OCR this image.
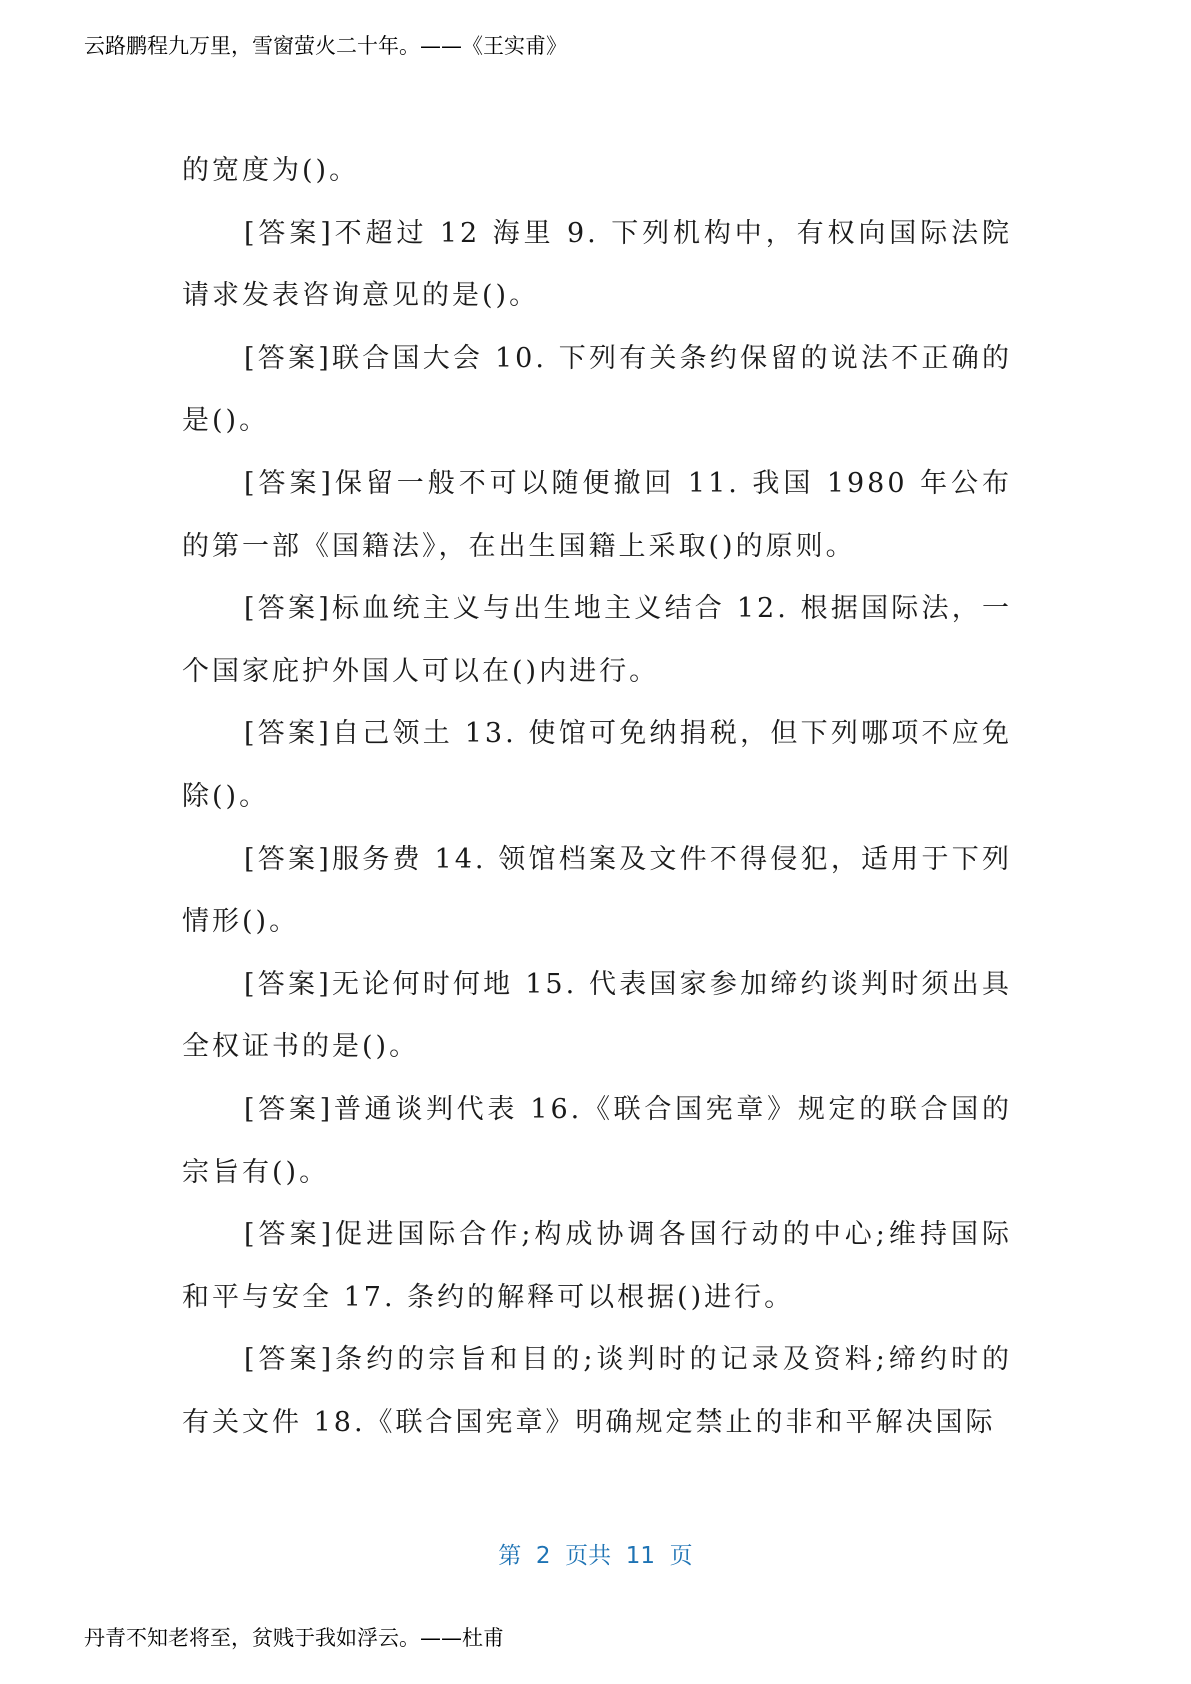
云路鹏程九万里，雪窗萤火二十年。——《王实甫》

的宽度为()。

[答案]不超过 12 海里 9. 下列机构中，有权向国际法院请求发表咨询意见的是()。

[答案]联合国大会 10. 下列有关条约保留的说法不正确的是()。

[答案]保留一般不可以随便撤回 11. 我国 1980 年公布的第一部《国籍法》，在出生国籍上采取()的原则。

[答案]标血统主义与出生地主义结合 12. 根据国际法，一个国家庇护外国人可以在()内进行。

[答案]自己领土 13. 使馆可免纳捐税，但下列哪项不应免除()。

[答案]服务费 14. 领馆档案及文件不得侵犯，适用于下列情形()。

[答案]无论何时何地 15. 代表国家参加缔约谈判时须出具全权证书的是()。

[答案]普通谈判代表 16.《联合国宪章》规定的联合国的宗旨有()。

[答案]促进国际合作;构成协调各国行动的中心;维持国际和平与安全 17. 条约的解释可以根据()进行。

[答案]条约的宗旨和目的;谈判时的记录及资料;缔约时的有关文件 18.《联合国宪章》明确规定禁止的非和平解决国际

第  2  页共  11  页
丹青不知老将至，贫贱于我如浮云。——杜甫
